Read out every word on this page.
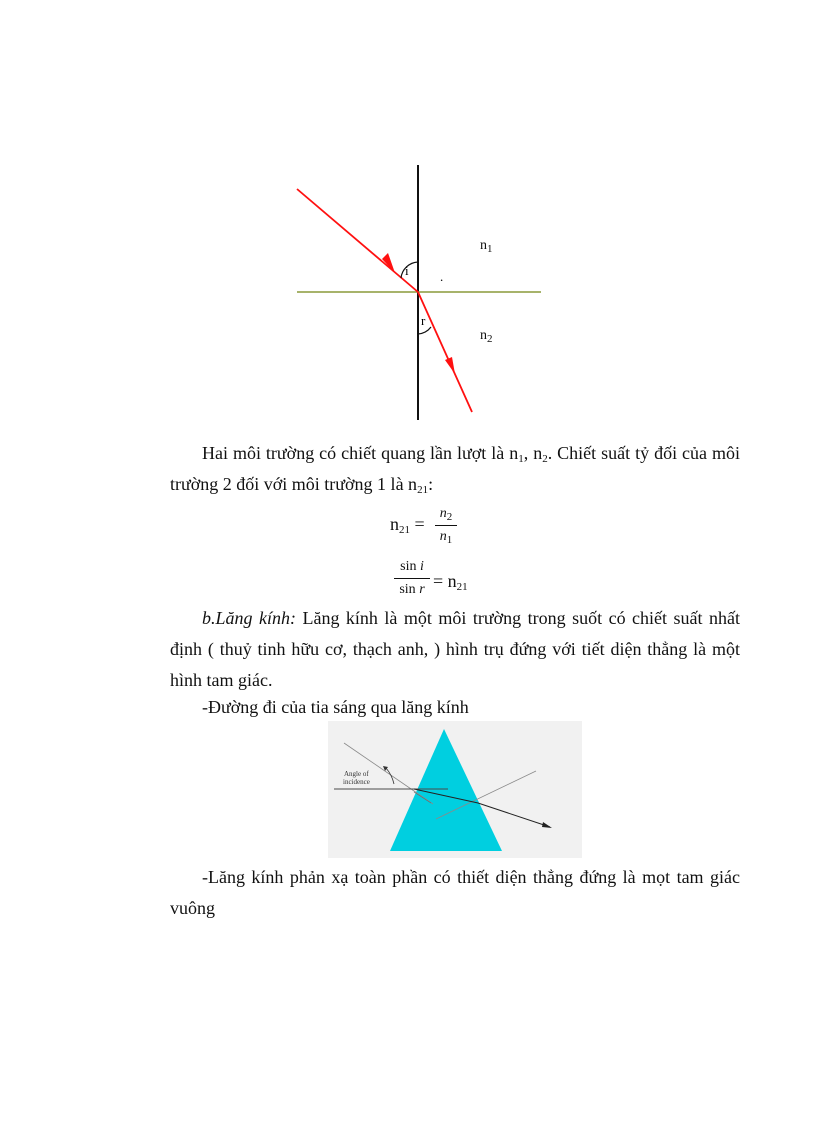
i
r
.
$n_1$
$n_2$
Hai môi trường có chiết quang lần lượt là $n_1$, $n_2$. Chiết suất tỷ đối của môi trường 2 đối với môi trường 1 là $n_{21}$:
$n_{21}$ =
$n_2$
$n_1$
sin i
$\sin r = n_{21}$
b.Lăng kính: Lăng kính là một môi trường trong suốt có chiết suất nhất định ( thuỷ tinh hữu cơ, thạch anh, ) hình trụ đứng với tiết diện thẳng là một hình tam giác.
-Đường đi của tia sáng qua lăng kính
Angle of
incidence
-Lăng kính phản xạ toàn phần có thiết diện thẳng đứng là mọt tam giác vuông
